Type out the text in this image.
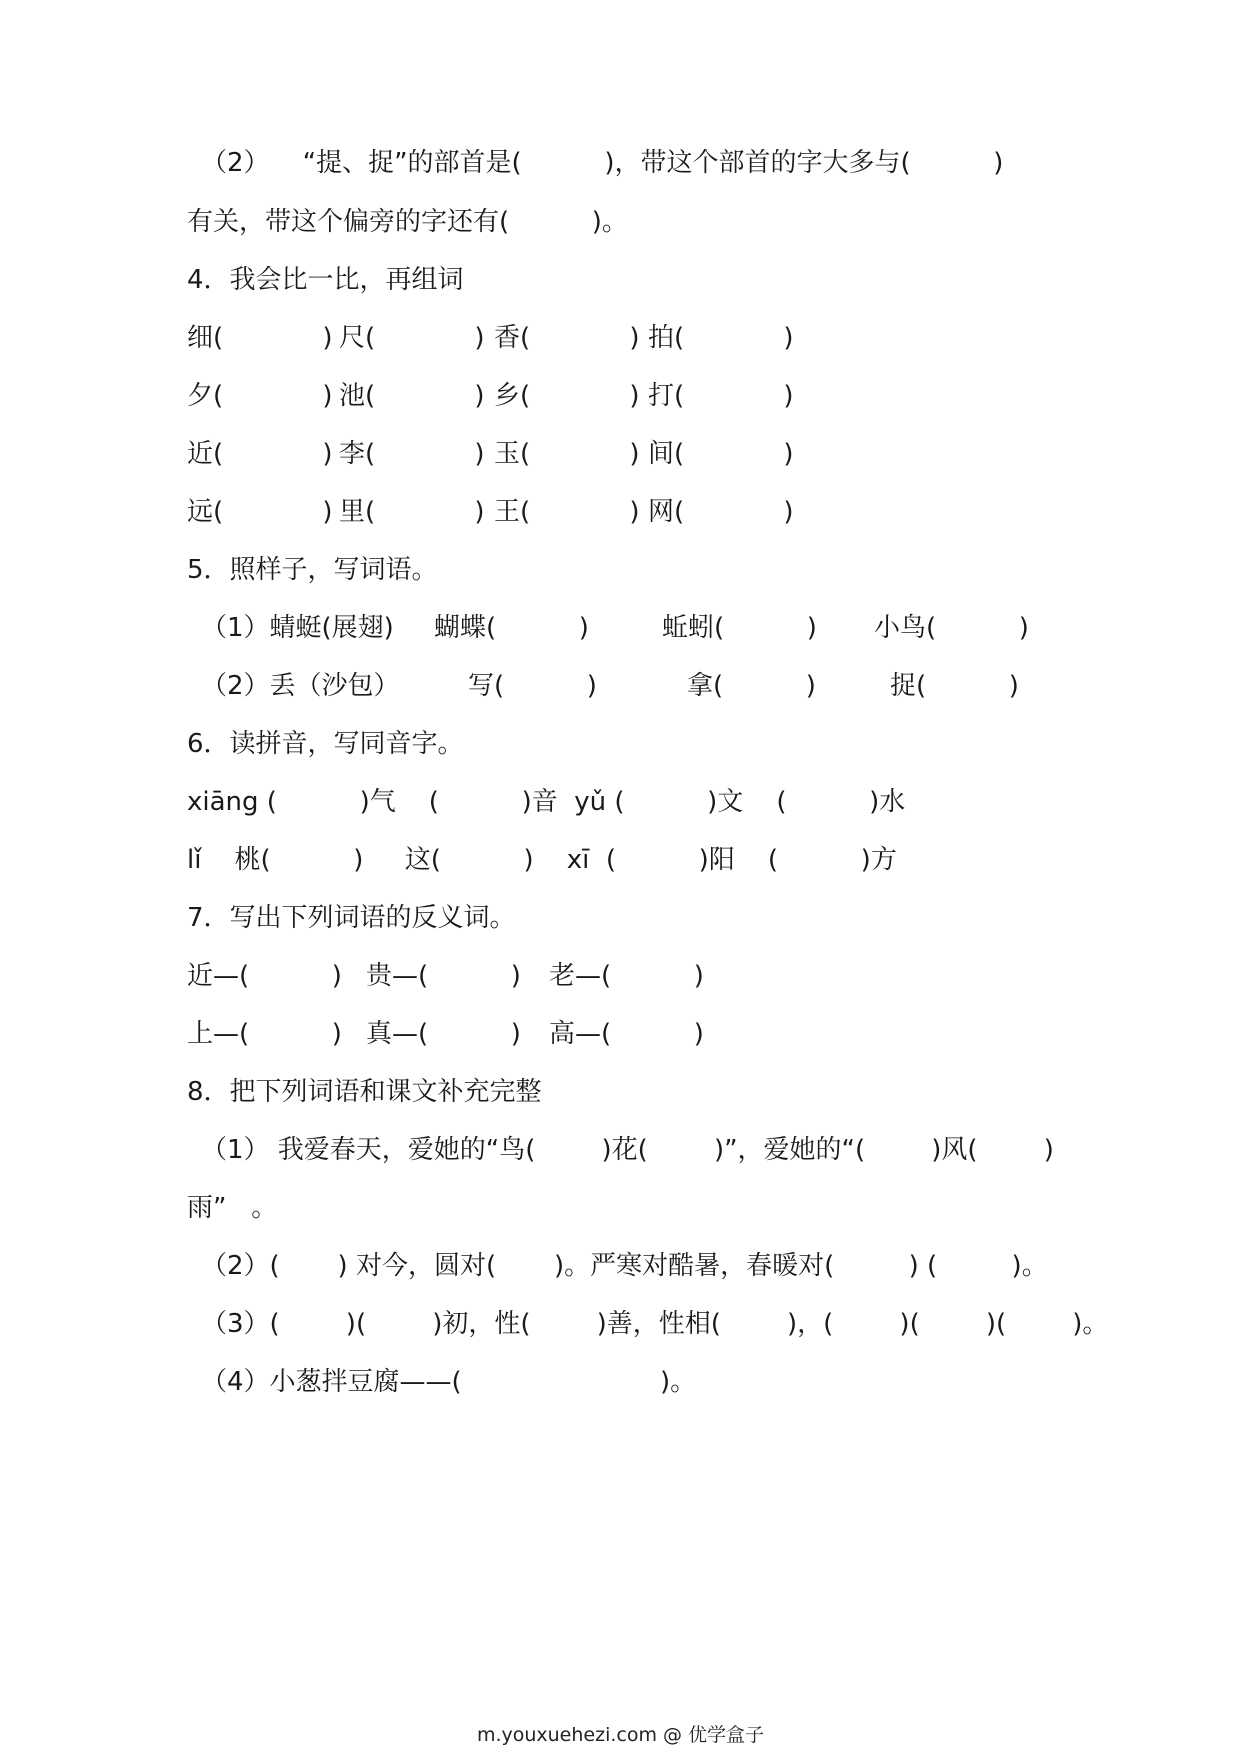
（2）    “提、捉”的部首是(          )，带这个部首的字大多与(          )
有关，带这个偏旁的字还有(          )。
4．我会比一比，再组词
细(            ) 尺(            ) 香(            ) 拍(            )
夕(            ) 池(            ) 乡(            ) 打(            )
近(            ) 李(            ) 玉(            ) 间(            )
远(            ) 里(            ) 王(            ) 网(            )
5．照样子，写词语。
（1）蜻蜓(展翅) 蝴蝶(          )	蚯蚓(          ) 小鸟(          )
（2）丢（沙包）	写(          )	拿(          )	捉(          )
6．读拼音，写同音字。
xiāng (          )气    (          )音  yǔ (          )文    (          )水
lǐ    桃(          )     这(          )    xī  (          )阳    (          )方
7．写出下列词语的反义词。
近—(          ) 贵—(          ) 老—(          )
上—(          ) 真—(          ) 高—(          )
8．把下列词语和课文补充完整
（1） 我爱春天，爱她的“鸟(        )花(        )”，爱她的“(        )风(        )
雨”   。
（2）(       ) 对今，圆对(       )。严寒对酷暑，春暖对(         ) (         )。
（3）(        )(        )初，性(        )善，性相(        )，(        )(        )(        )。
（4）小葱拌豆腐——(                        )。
m.youxuehezi.com @ 优学盒子
